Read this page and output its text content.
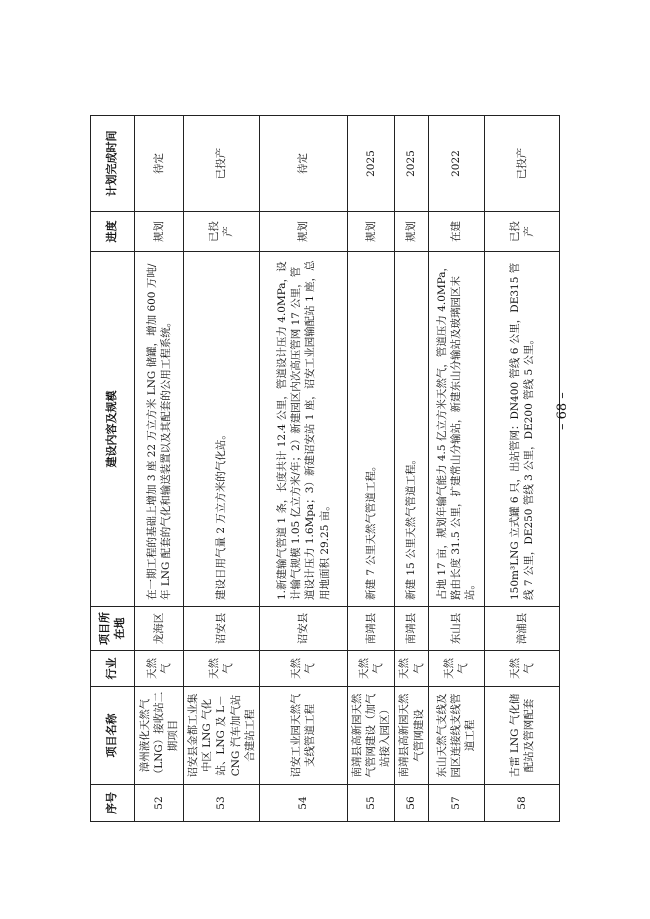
序号	项目名称	行业	项目所在地	建设内容及规模	进度	计划完成时间
52	漳州液化天然气（LNG）接收站二期项目	天然气	龙海区	在一期工程的基础上增加 3 座 22 万立方米 LNG 储罐，增加 600 万吨/年 LNG 配套的气化和输送装置以及其配套的公用工程系统。	规划	待定
53	诏安县金都工业集中区 LNG 气化站、LNG 及 L－CNG 汽车加气站合建站工程	天然气	诏安县	建设日用气量 2 万立方米的气化站。	已投产	已投产
54	诏安工业园天然气支线管道工程	天然气	诏安县	1.新建输气管道 1 条，长度共计 12.4 公里，管道设计压力 4.0MPa，设计输气规模 1.05 亿立方米/年；2）新建园区内次高压管网 17 公里，管道设计压力 1.6Mpa；3）新建诏安站 1 座，诏安工业园输配站 1 座，总用地面积 29.25 亩。	规划	待定
55	南靖县高新园天然气管网建设（加气站接入园区）	天然气	南靖县	新建 7 公里天然气管道工程。	规划	2025
56	南靖县高新园天然气管网建设	天然气	南靖县	新建 15 公里天然气管道工程。	规划	2025
57	东山天然气支线及园区连接线支线管道工程	天然气	东山县	占地 17 亩，规划年输气能力 4.5 亿立方米天然气，管道压力 4.0MPa，路由长度 31.5 公里，扩建常山分输站，新建东山分输站及玻璃园区末站。	在建	2022
58	古雷 LNG 气化储配站及管网配套	天然气	漳浦县	150m³LNG 立式罐 6 只，出站管网：DN400 管线 6 公里，DE315 管线 7 公里，DE250 管线 3 公里，DE200 管线 5 公里。	已投产	已投产
– 68 –
